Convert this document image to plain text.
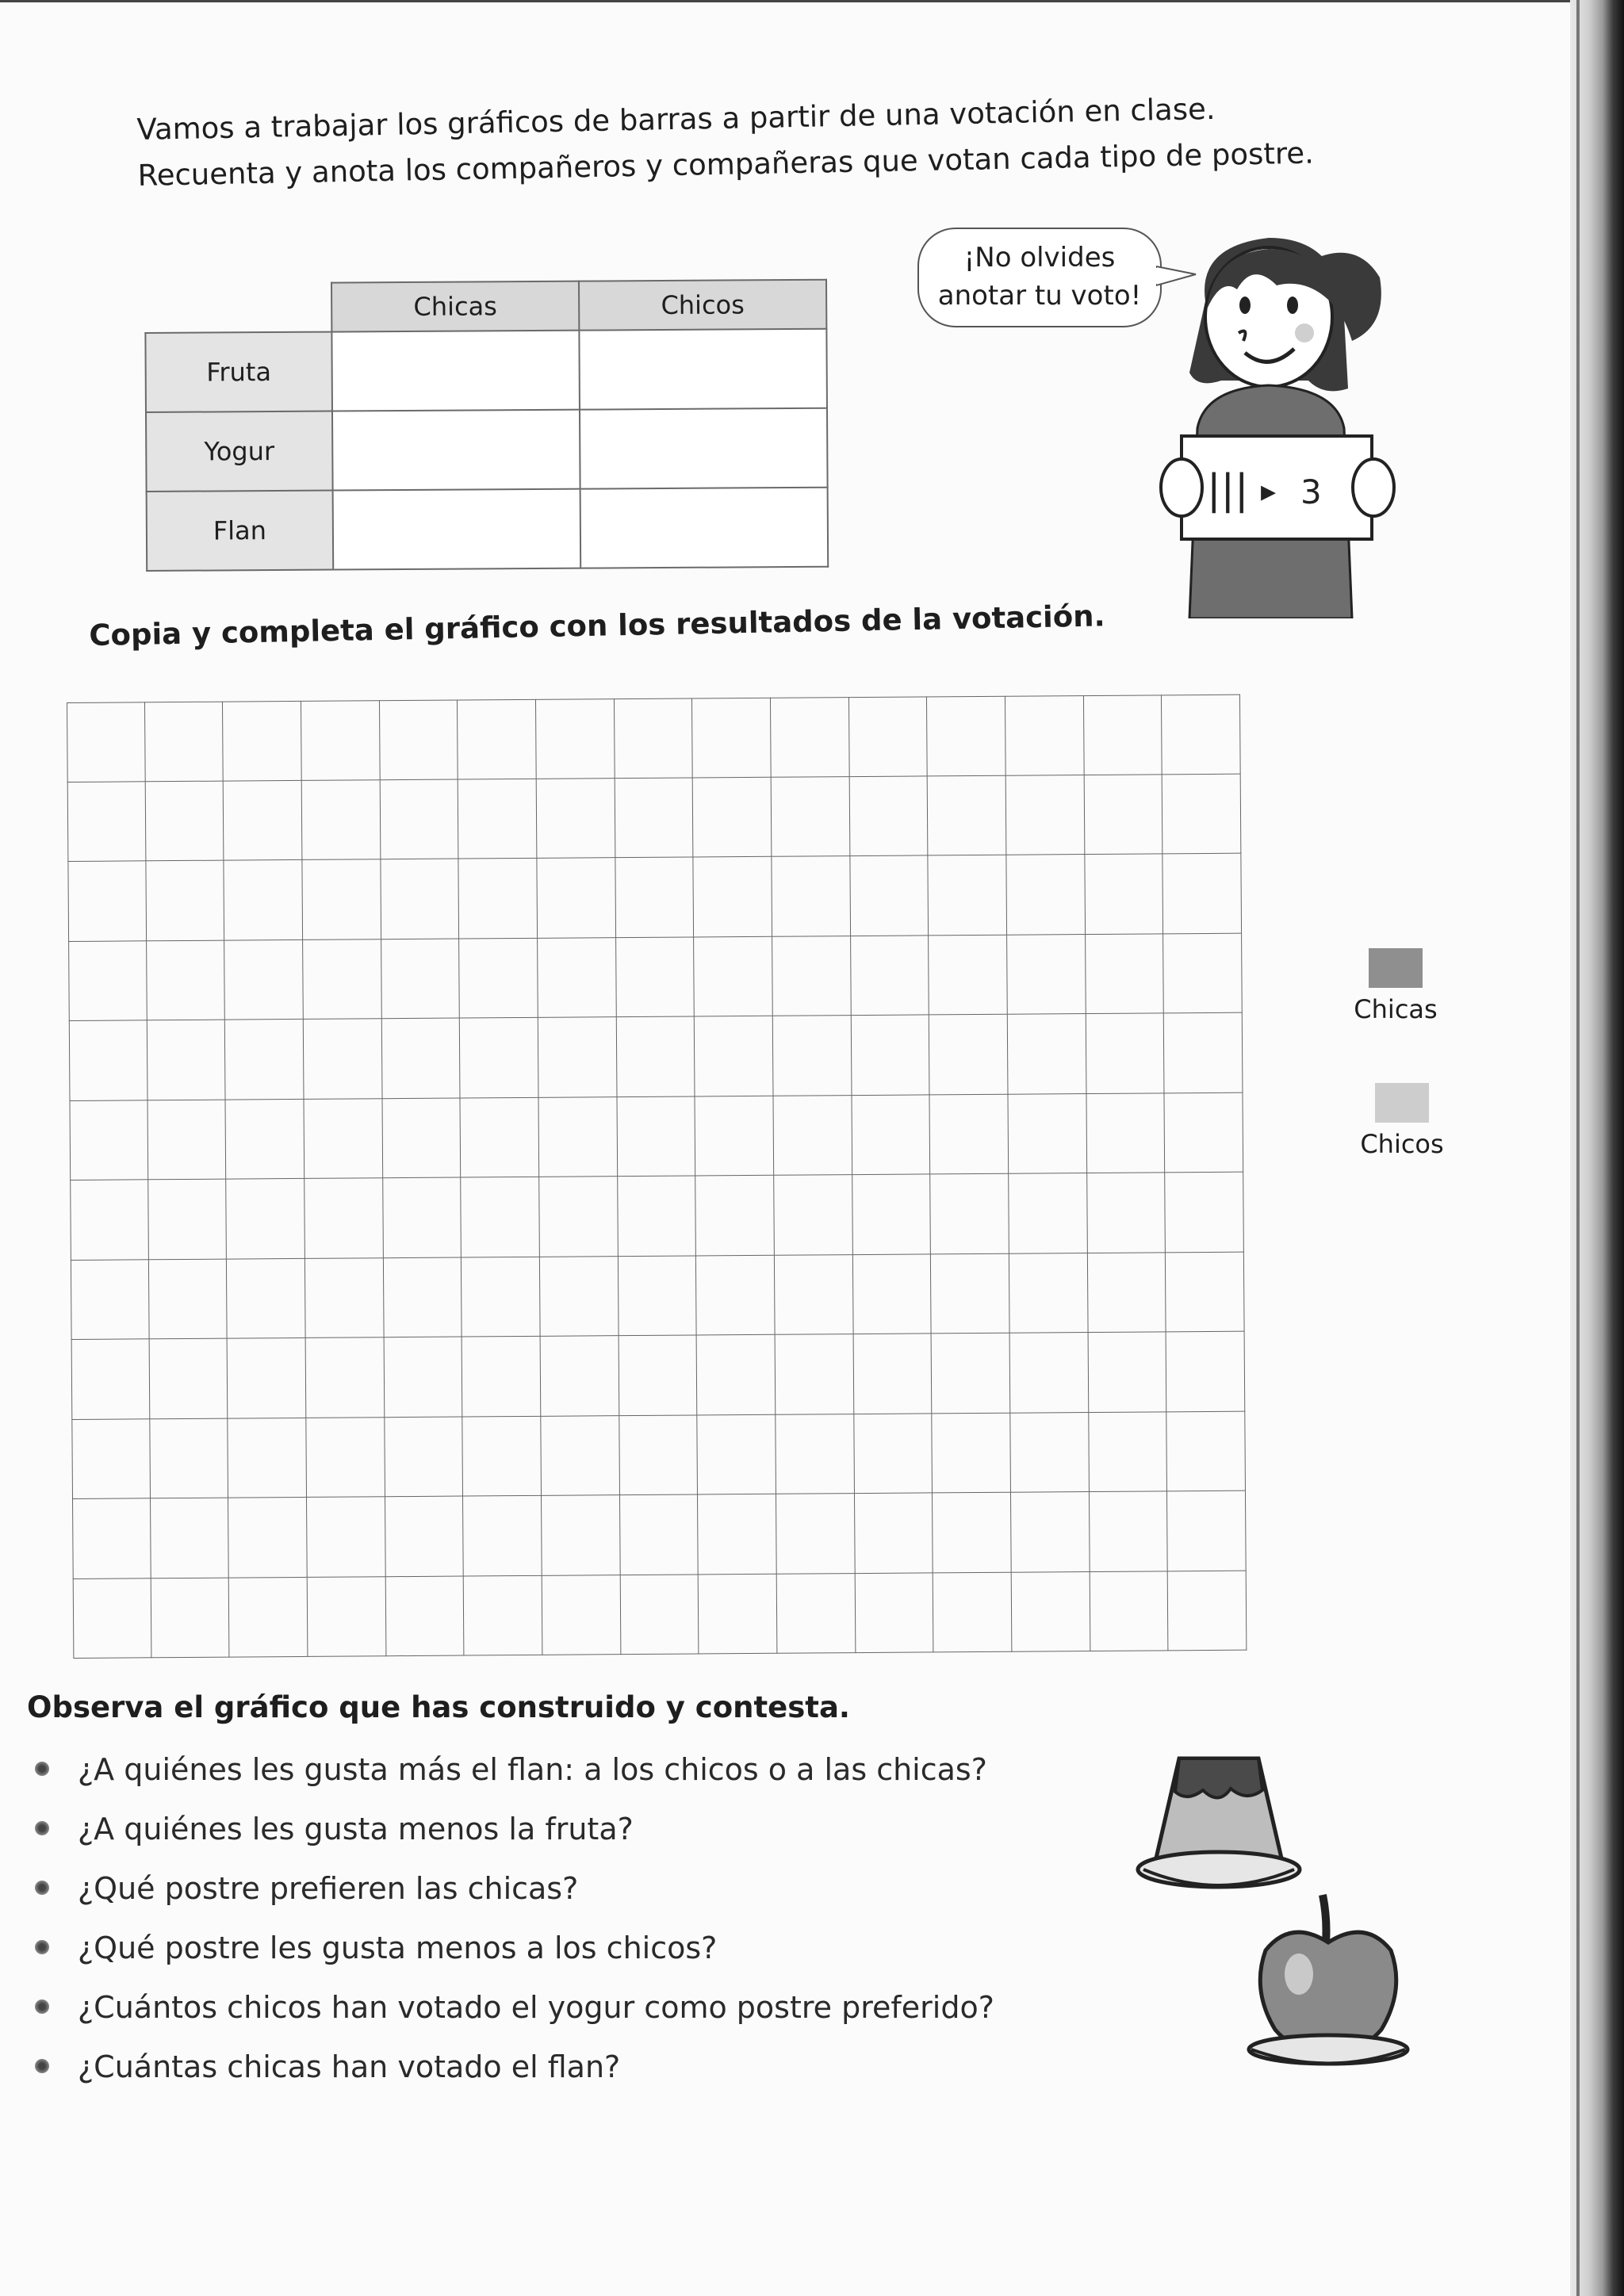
Vamos a trabajar los gráficos de barras a partir de una votación en clase.
Recuenta y anota los compañeros y compañeras que votan cada tipo de postre.
	Chicas	Chicos
Fruta		
Yogur		
Flan		
¡No olvides
anotar tu voto!
||| ▸ 3
Copia y completa el gráfico con los resultados de la votación.
Chicas
Chicos
Observa el gráfico que has construido y contesta.
¿A quiénes les gusta más el flan: a los chicos o a las chicas?
¿A quiénes les gusta menos la fruta?
¿Qué postre prefieren las chicas?
¿Qué postre les gusta menos a los chicos?
¿Cuántos chicos han votado el yogur como postre preferido?
¿Cuántas chicas han votado el flan?
